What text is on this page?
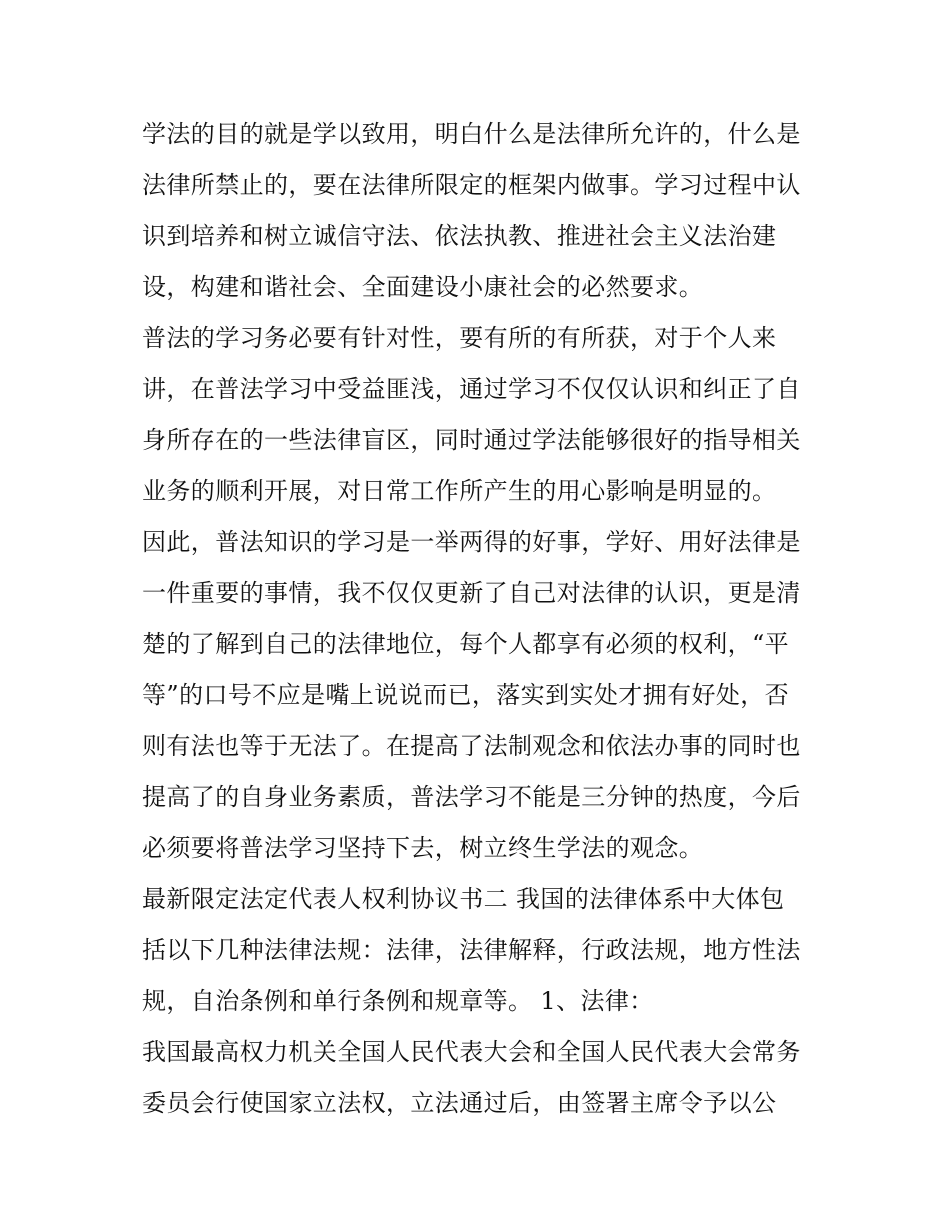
学法的目的就是学以致用，明白什么是法律所允许的，什么是
法律所禁止的，要在法律所限定的框架内做事。学习过程中认
识到培养和树立诚信守法、依法执教、推进社会主义法治建
设，构建和谐社会、全面建设小康社会的必然要求。
普法的学习务必要有针对性，要有所的有所获，对于个人来
讲，在普法学习中受益匪浅，通过学习不仅仅认识和纠正了自
身所存在的一些法律盲区，同时通过学法能够很好的指导相关
业务的顺利开展，对日常工作所产生的用心影响是明显的。
因此，普法知识的学习是一举两得的好事，学好、用好法律是
一件重要的事情，我不仅仅更新了自己对法律的认识，更是清
楚的了解到自己的法律地位，每个人都享有必须的权利，“平
等”的口号不应是嘴上说说而已，落实到实处才拥有好处，否
则有法也等于无法了。在提高了法制观念和依法办事的同时也
提高了的自身业务素质，普法学习不能是三分钟的热度，今后
必须要将普法学习坚持下去，树立终生学法的观念。
最新限定法定代表人权利协议书二 我国的法律体系中大体包
括以下几种法律法规：法律，法律解释，行政法规，地方性法
规，自治条例和单行条例和规章等。 1、法律：
我国最高权力机关全国人民代表大会和全国人民代表大会常务
委员会行使国家立法权，立法通过后，由签署主席令予以公
